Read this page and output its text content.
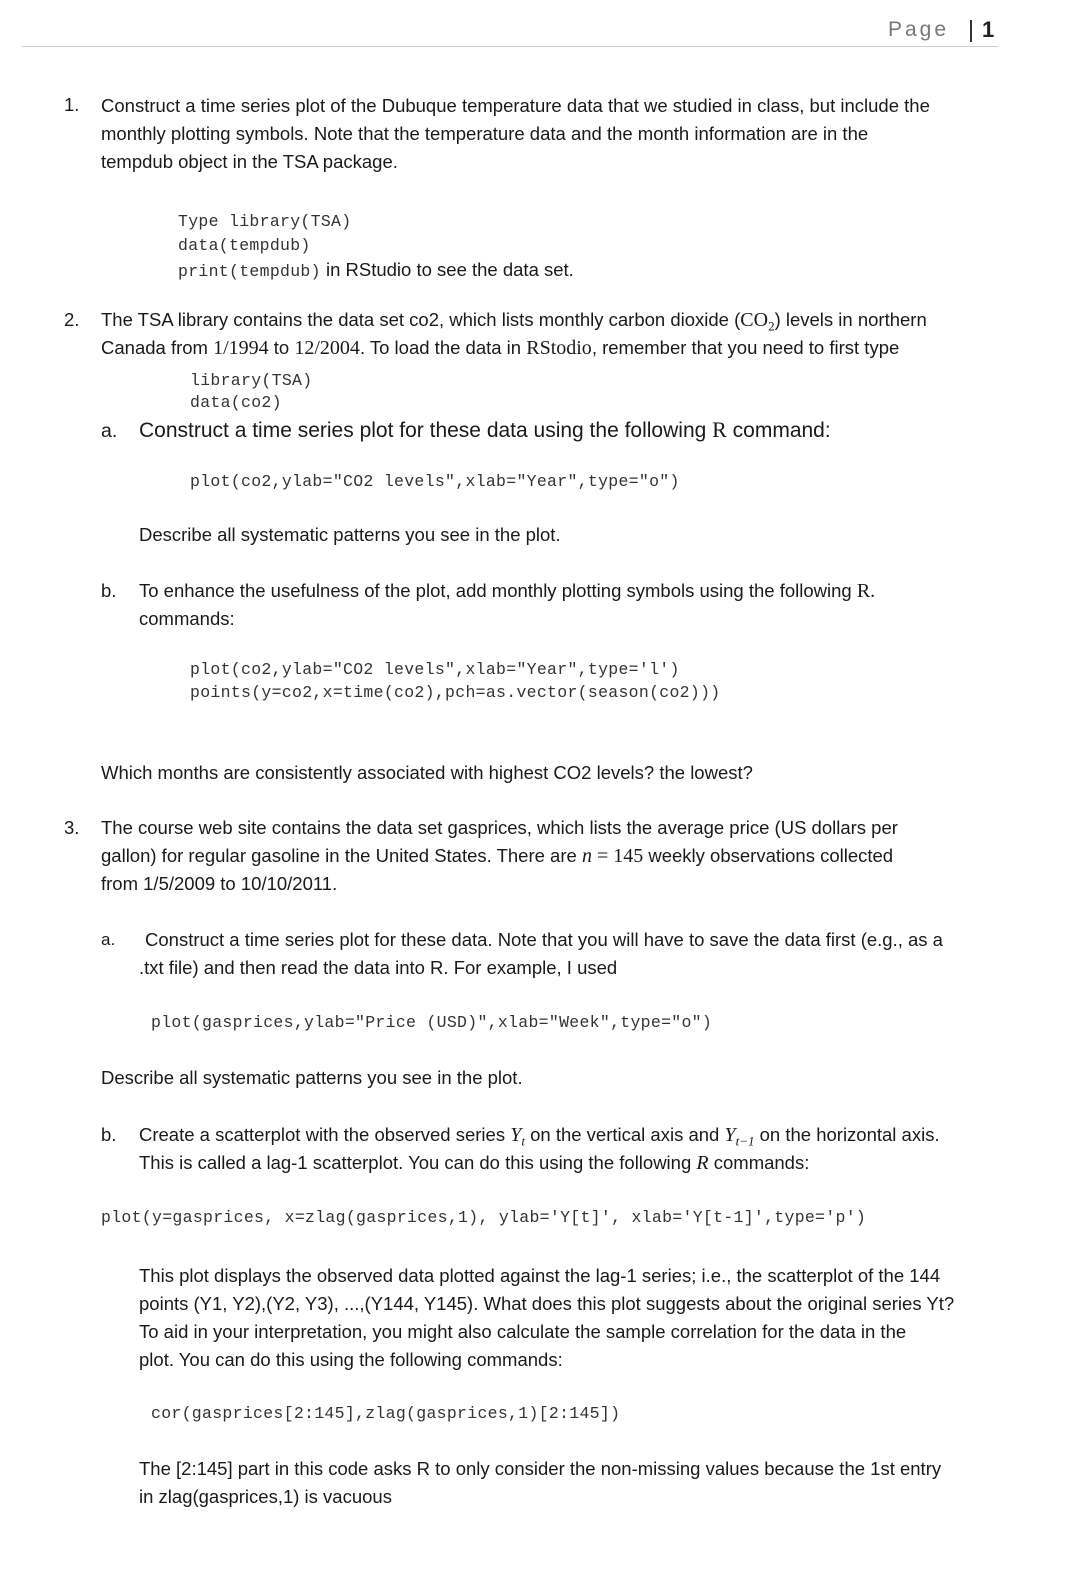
Page 1
1. Construct a time series plot of the Dubuque temperature data that we studied in class, but include the
monthly plotting symbols. Note that the temperature data and the month information are in the
tempdub object in the TSA package.
Type library(TSA)
data(tempdub)
print(tempdub) in RStudio to see the data set.
2. The TSA library contains the data set co2, which lists monthly carbon dioxide $(CO_2)$ levels in northern
Canada from 1/1994 to 12/2004. To load the data in RStodio, remember that you need to first type
library(TSA)
data(co2)
a. Construct a time series plot for these data using the following R command:
plot(co2,ylab="CO2 levels",xlab="Year",type="o")
Describe all systematic patterns you see in the plot.
b. To enhance the usefulness of the plot, add monthly plotting symbols using the following R.
commands:
plot(co2,ylab="CO2 levels",xlab="Year",type='l')
points(y=co2,x=time(co2),pch=as.vector(season(co2)))
Which months are consistently associated with highest CO2 levels? the lowest?
3. The course web site contains the data set gasprices, which lists the average price (US dollars per
gallon) for regular gasoline in the United States. There are n = 145 weekly observations collected
from 1/5/2009 to 10/10/2011.
a.	Construct a time series plot for these data. Note that you will have to save the data first (e.g., as a
.txt file) and then read the data into R. For example, I used
plot(gasprices,ylab="Price (USD)",xlab="Week",type="o")
Describe all systematic patterns you see in the plot.
b. Create a scatterplot with the observed series $Y_t$ on the vertical axis and $Y_{t-1}$ on the horizontal axis.
This is called a lag-1 scatterplot. You can do this using the following R commands:
plot(y=gasprices, x=zlag(gasprices,1), ylab='Y[t]', xlab='Y[t-1]',type='p')
This plot displays the observed data plotted against the lag-1 series; i.e., the scatterplot of the 144
points (Y1, Y2),(Y2, Y3), ...,(Y144, Y145). What does this plot suggests about the original series Yt?
To aid in your interpretation, you might also calculate the sample correlation for the data in the
plot. You can do this using the following commands:
cor(gasprices[2:145],zlag(gasprices,1)[2:145])
The [2:145] part in this code asks R to only consider the non-missing values because the 1st entry
in zlag(gasprices,1) is vacuous
